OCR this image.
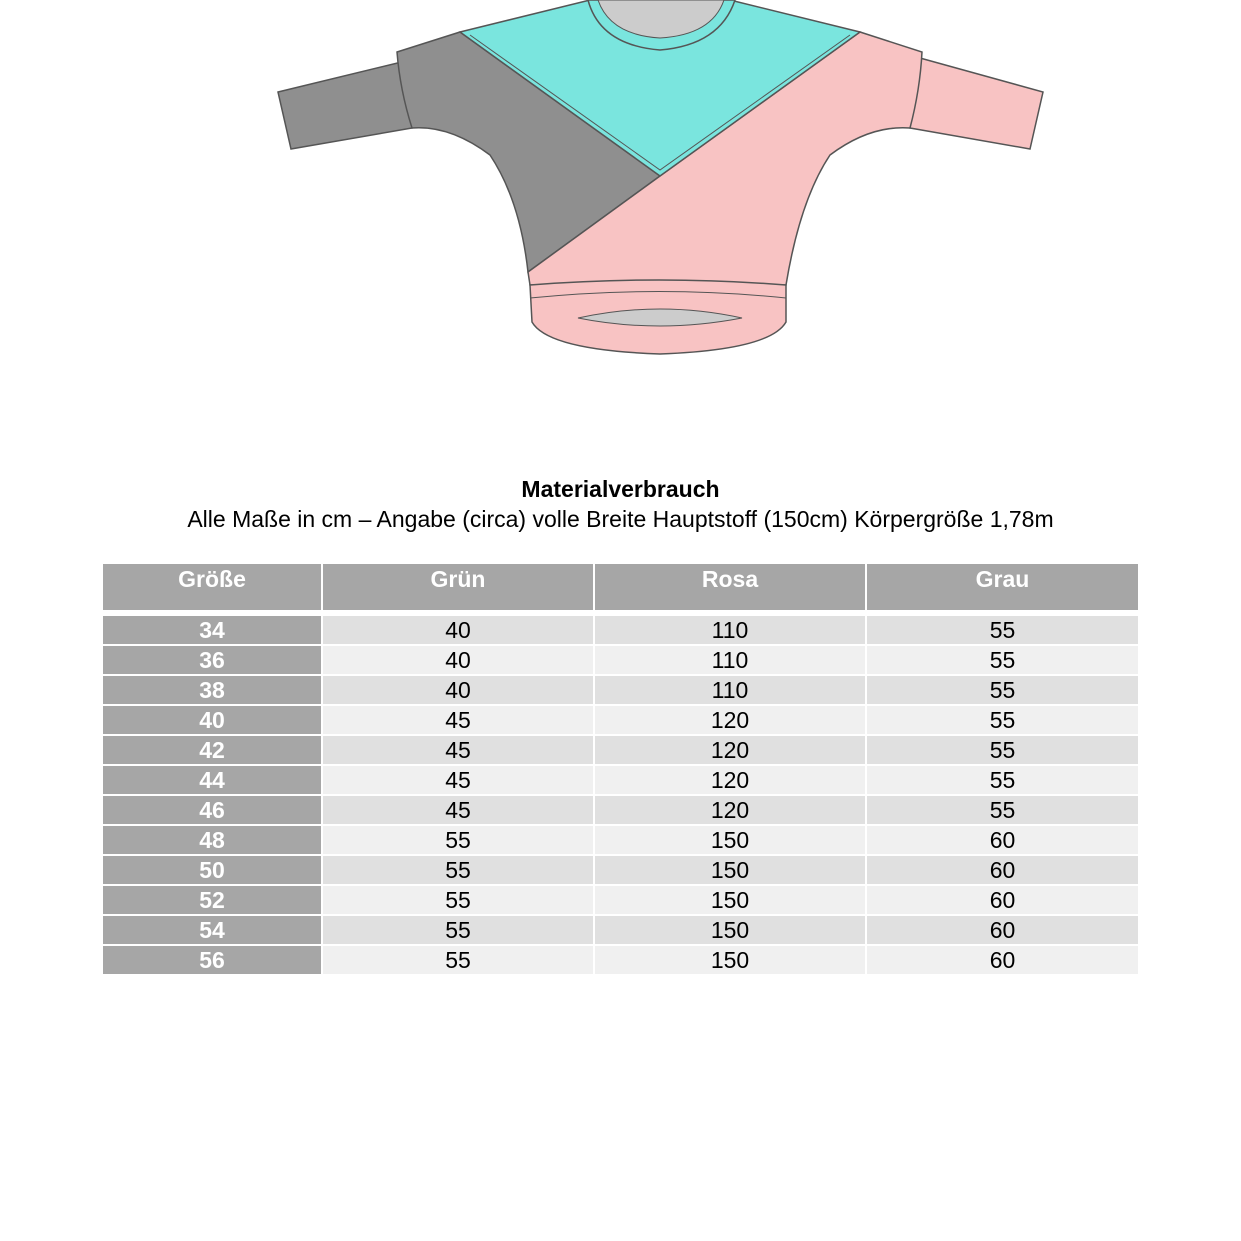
Materialverbrauch
Alle Maße in cm – Angabe (circa) volle Breite Hauptstoff (150cm) Körpergröße 1,78m
Größe	Grün	Rosa	Grau

34	40	110	55
36	40	110	55
38	40	110	55
40	45	120	55
42	45	120	55
44	45	120	55
46	45	120	55
48	55	150	60
50	55	150	60
52	55	150	60
54	55	150	60
56	55	150	60
